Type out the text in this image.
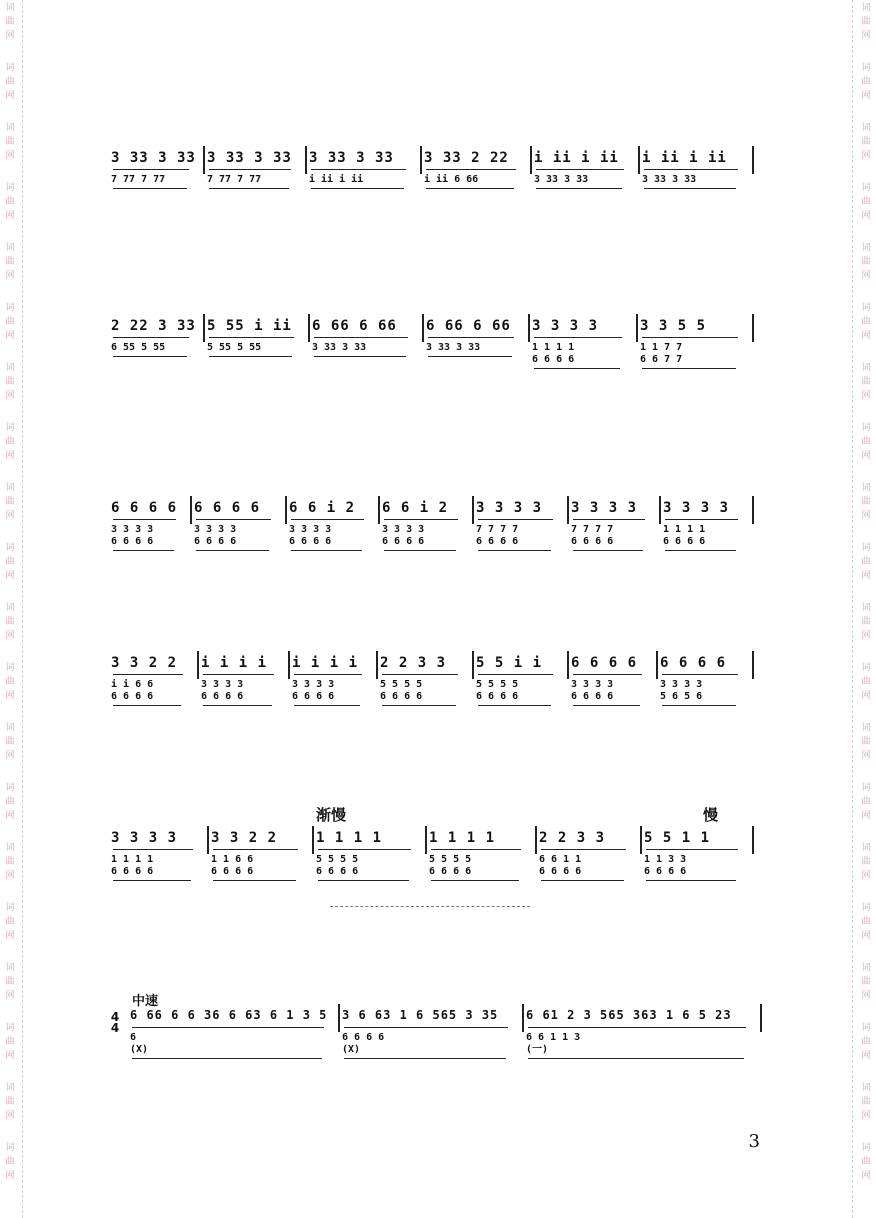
词
曲
网
词
曲
网
词
曲
网
词
曲
网
词
曲
网
词
曲
网
词
曲
网
词
曲
网
词
曲
网
词
曲
网
词
曲
网
词
曲
网
词
曲
网
词
曲
网
词
曲
网
词
曲
网
词
曲
网
词
曲
网
词
曲
网
词
曲
网
词
曲
网
词
曲
网
词
曲
网
词
曲
网
词
曲
网
词
曲
网
词
曲
网
词
曲
网
词
曲
网
词
曲
网
词
曲
网
词
曲
网
词
曲
网
词
曲
网
词
曲
网
词
曲
网
词
曲
网
词
曲
网
词
曲
网
词
曲
网
3 33 3 33
7 77 7 77
3 33 3 33
7 77 7 77
3 33 3 33
i ii i ii
3 33 2 22
i ii 6 66
i ii i ii
3 33 3 33
i ii i ii
3 33 3 33
2 22 3 33
6 55 5 55
5 55 i ii
5 55 5 55
6 66 6 66
3 33 3 33
6 66 6 66
3 33 3 33
3 3 3 3
1 1 1 1
6 6 6 6
3 3 5 5
1 1 7 7
6 6 7 7
6 6 6 6
3 3 3 3
6 6 6 6
6 6 6 6
3 3 3 3
6 6 6 6
6 6 i 2
3 3 3 3
6 6 6 6
6 6 i 2
3 3 3 3
6 6 6 6
3 3 3 3
7 7 7 7
6 6 6 6
3 3 3 3
7 7 7 7
6 6 6 6
3 3 3 3
1 1 1 1
6 6 6 6
3 3 2 2
i i 6 6
6 6 6 6
i i i i
3 3 3 3
6 6 6 6
i i i i
3 3 3 3
6 6 6 6
2 2 3 3
5 5 5 5
6 6 6 6
5 5 i i
5 5 5 5
6 6 6 6
6 6 6 6
3 3 3 3
6 6 6 6
6 6 6 6
3 3 3 3
5 6 5 6
3 3 3 3
1 1 1 1
6 6 6 6
3 3 2 2
1 1 6 6
6 6 6 6
1 1 1 1
5 5 5 5
6 6 6 6
1 1 1 1
5 5 5 5
6 6 6 6
2 2 3 3
6 6 1 1
6 6 6 6
5 5 1 1
1 1 3 3
6 6 6 6
6 66 6 6 36 6 63 6 1 3 5
6
(X)
3 6 63 1 6 565 3 35
6 6 6 6
(X)
6 61 2 3 565 363 1 6 5 23
6 6 1 1 3
(一)
渐慢	慢
中速
4
4
3
